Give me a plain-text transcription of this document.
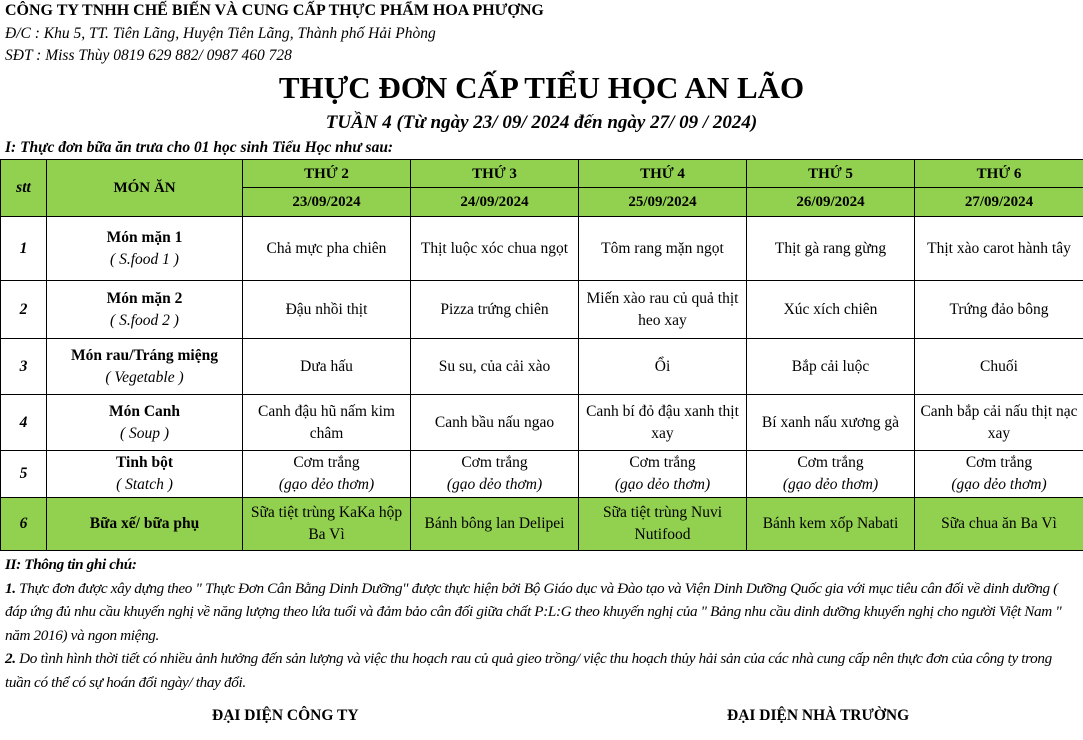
CÔNG TY TNHH CHẾ BIẾN VÀ CUNG CẤP THỰC PHẨM HOA PHƯỢNG
Đ/C : Khu 5, TT. Tiên Lãng, Huyện Tiên Lãng, Thành phố Hải Phòng
SĐT : Miss Thùy 0819 629 882/ 0987 460 728
THỰC ĐƠN CẤP TIỂU HỌC AN LÃO
TUẦN 4 (Từ ngày 23/ 09/ 2024 đến ngày 27/ 09 / 2024)
I: Thực đơn bữa ăn trưa cho 01 học sinh Tiểu Học như sau:
stt	MÓN ĂN	THỨ 2	THỨ 3	THỨ 4	THỨ 5	THỨ 6
		23/09/2024	24/09/2024	25/09/2024	26/09/2024	27/09/2024
1	Món mặn 1
( S.food 1 )	Chả mực pha chiên	Thịt luộc xóc chua ngọt	Tôm rang mặn ngọt	Thịt gà rang gừng	Thịt xào carot hành tây
2	Món mặn 2
( S.food 2 )	Đậu nhồi thịt	Pizza trứng chiên	Miến xào rau củ quả thịt heo xay	Xúc xích chiên	Trứng đảo bông
3	Món rau/Tráng miệng
( Vegetable )	Dưa hấu	Su su, của cải xào	Ổi	Bắp cải luộc	Chuối
4	Món Canh
( Soup )	Canh đậu hũ nấm kim châm	Canh bầu nấu ngao	Canh bí đỏ đậu xanh thịt xay	Bí xanh nấu xương gà	Canh bắp cải nấu thịt nạc xay
5	Tinh bột
( Statch )	Cơm trắng
(gạo dẻo thơm)	Cơm trắng
(gạo dẻo thơm)	Cơm trắng
(gạo dẻo thơm)	Cơm trắng
(gạo dẻo thơm)	Cơm trắng
(gạo dẻo thơm)

6	Bữa xế/ bữa phụ	Sữa tiệt trùng KaKa hộp Ba Vì	Bánh bông lan Delipei	Sữa tiệt trùng Nuvi Nutifood	Bánh kem xốp Nabati	Sữa chua ăn Ba Vì
II: Thông tin ghi chú:
1. Thực đơn được xây dựng theo " Thực Đơn Cân Bằng Dinh Dưỡng" được thực hiện bởi Bộ Giáo dục và Đào tạo và Viện Dinh Dưỡng Quốc gia với mục tiêu cân đối về dinh dưỡng ( đáp ứng đủ nhu cầu khuyến nghị về năng lượng theo lứa tuổi và đảm bảo cân đối giữa chất P:L:G theo khuyến nghị của " Bảng nhu cầu dinh dưỡng khuyến nghị cho người Việt Nam " năm 2016) và ngon miệng.
2. Do tình hình thời tiết có nhiều ảnh hưởng đến sản lượng và việc thu hoạch rau củ quả gieo trồng/ việc thu hoạch thủy hải sản của các nhà cung cấp nên thực đơn của công ty trong tuần có thể có sự hoán đổi ngày/ thay đổi.
ĐẠI DIỆN CÔNG TY	ĐẠI DIỆN NHÀ TRƯỜNG
